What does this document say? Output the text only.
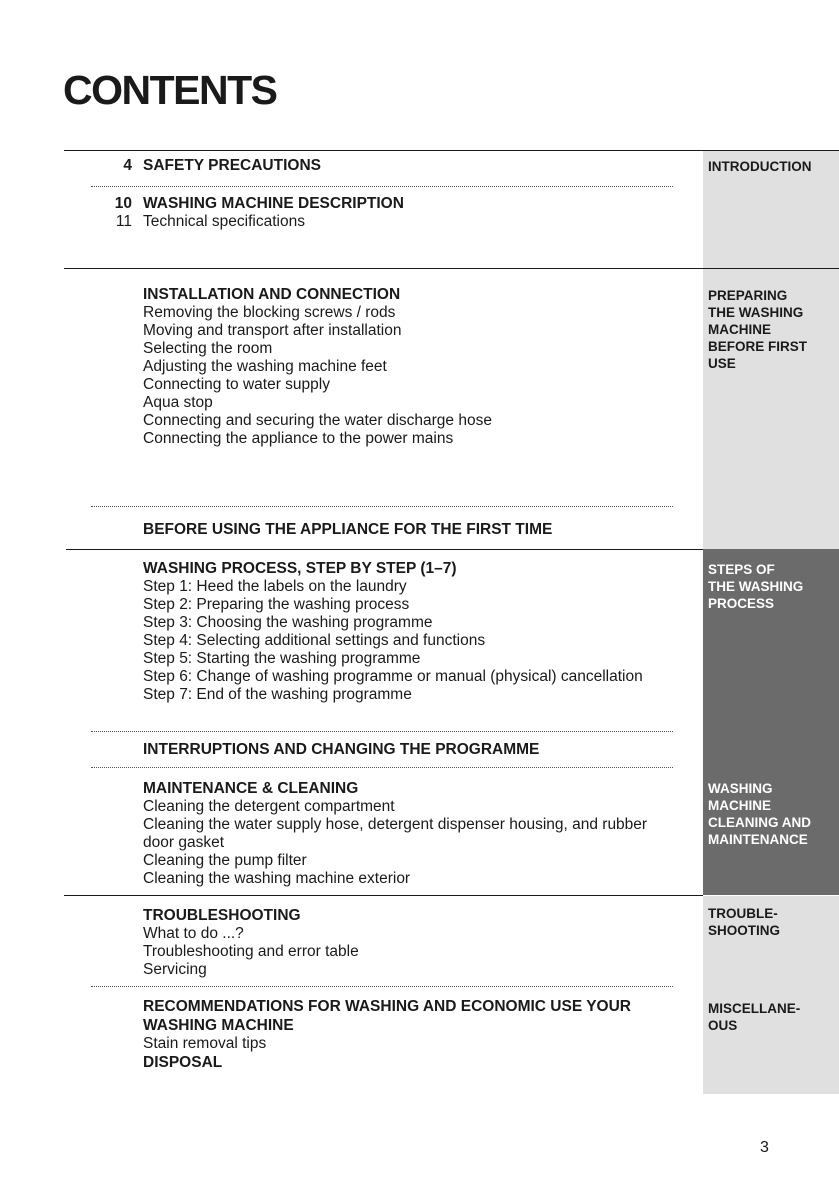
CONTENTS
INTRODUCTION
PREPARING
THE WASHING
MACHINE
BEFORE FIRST
USE
STEPS OF
THE WASHING
PROCESS
WASHING
MACHINE
CLEANING AND
MAINTENANCE
TROUBLE-
SHOOTING
MISCELLANE-
OUS
4 SAFETY PRECAUTIONS
10 WASHING MACHINE DESCRIPTION
11 Technical specifications
INSTALLATION AND CONNECTION
Removing the blocking screws / rods
Moving and transport after installation
Selecting the room
Adjusting the washing machine feet
Connecting to water supply
Aqua stop
Connecting and securing the water discharge hose
Connecting the appliance to the power mains
BEFORE USING THE APPLIANCE FOR THE FIRST TIME
WASHING PROCESS, STEP BY STEP (1–7)
Step 1: Heed the labels on the laundry
Step 2: Preparing the washing process
Step 3: Choosing the washing programme
Step 4: Selecting additional settings and functions
Step 5: Starting the washing programme
Step 6: Change of washing programme or manual (physical) cancellation
Step 7: End of the washing programme
INTERRUPTIONS AND CHANGING THE PROGRAMME
MAINTENANCE & CLEANING
Cleaning the detergent compartment
Cleaning the water supply hose, detergent dispenser housing, and rubber
door gasket
Cleaning the pump filter
Cleaning the washing machine exterior
TROUBLESHOOTING
What to do ...?
Troubleshooting and error table
Servicing
RECOMMENDATIONS FOR WASHING AND ECONOMIC USE YOUR
WASHING MACHINE
Stain removal tips
DISPOSAL
3
